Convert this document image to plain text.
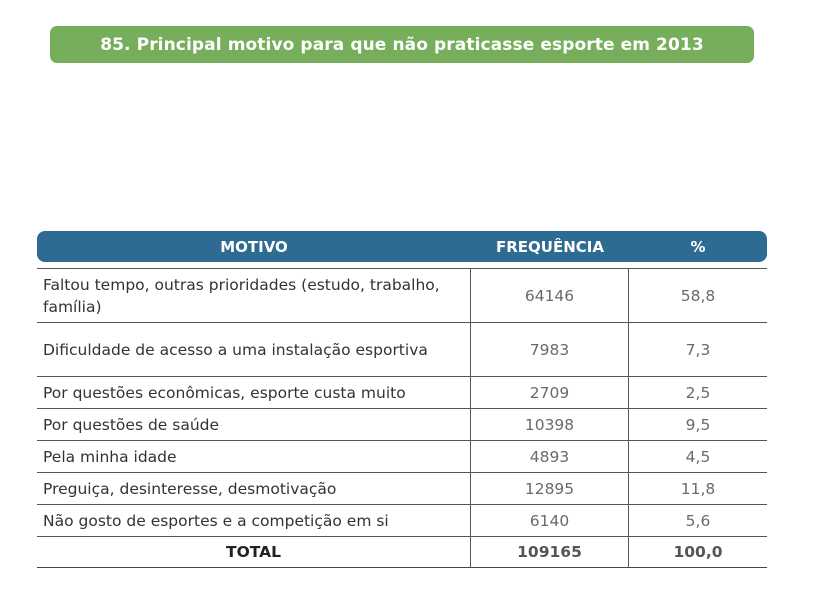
85. Principal motivo para que não praticasse esporte em 2013
MOTIVO	FREQUÊNCIA	%
Faltou tempo, outras prioridades (estudo, trabalho, família)	64146	58,8
Dificuldade de acesso a uma instalação esportiva	7983	7,3
Por questões econômicas, esporte custa muito	2709	2,5
Por questões de saúde	10398	9,5
Pela minha idade	4893	4,5
Preguiça, desinteresse, desmotivação	12895	11,8
Não gosto de esportes e a competição em si	6140	5,6
TOTAL	109165	100,0
